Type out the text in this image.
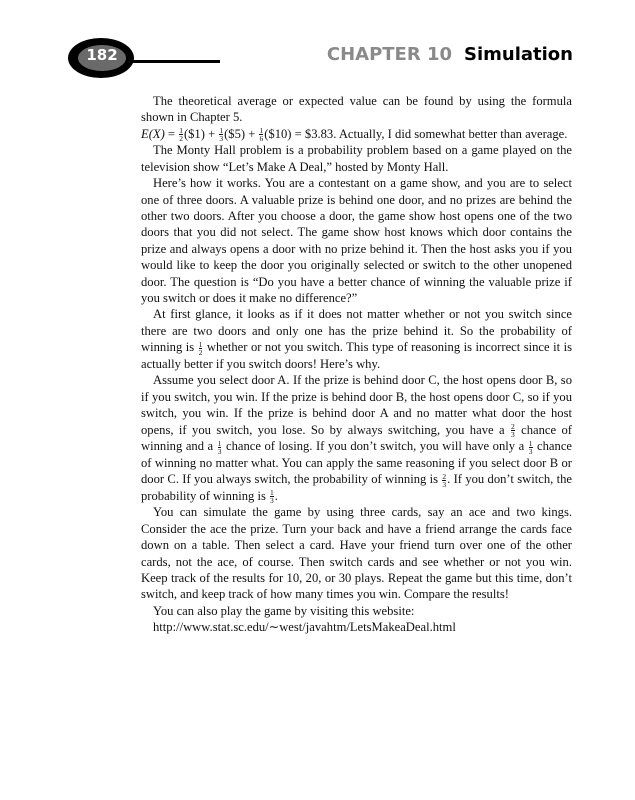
182	CHAPTER 10 Simulation

The theoretical average or expected value can be found by using the formula shown in Chapter 5.

$E(X) = \frac{1}{2}$ ($1) + $\frac{1}{3}$ ($5) + $\frac{1}{6}$ ($10) = $3.83. Actually, I did somewhat better than average.

The Monty Hall problem is a probability problem based on a game played on the television show “Let’s Make A Deal,” hosted by Monty Hall.

Here’s how it works. You are a contestant on a game show, and you are to select one of three doors. A valuable prize is behind one door, and no prizes are behind the other two doors. After you choose a door, the game show host opens one of the two doors that you did not select. The game show host knows which door contains the prize and always opens a door with no prize behind it. Then the host asks you if you would like to keep the door you originally selected or switch to the other unopened door. The question is “Do you have a better chance of winning the valuable prize if you switch or does it make no difference?”

At first glance, it looks as if it does not matter whether or not you switch since there are two doors and only one has the prize behind it. So the probability of winning is $\frac{1}{2}$ whether or not you switch. This type of reasoning is incorrect since it is actually better if you switch doors! Here’s why.

Assume you select door A. If the prize is behind door C, the host opens door B, so if you switch, you win. If the prize is behind door B, the host opens door C, so if you switch, you win. If the prize is behind door A and no matter what door the host opens, if you switch, you lose. So by always switching, you have a $\frac{2}{3}$ chance of winning and a $\frac{1}{3}$ chance of losing. If you don’t switch, you will have only a $\frac{1}{3}$ chance of winning no matter what. You can apply the same reasoning if you select door B or door C. If you always switch, the probability of winning is $\frac{2}{3}$ . If you don’t switch, the probability of winning is $\frac{1}{3}$ .

You can simulate the game by using three cards, say an ace and two kings. Consider the ace the prize. Turn your back and have a friend arrange the cards face down on a table. Then select a card. Have your friend turn over one of the other cards, not the ace, of course. Then switch cards and see whether or not you win. Keep track of the results for 10, 20, or 30 plays. Repeat the game but this time, don’t switch, and keep track of how many times you win. Compare the results!

You can also play the game by visiting this website:

http://www.stat.sc.edu/∼west/javahtm/LetsMakeaDeal.html
